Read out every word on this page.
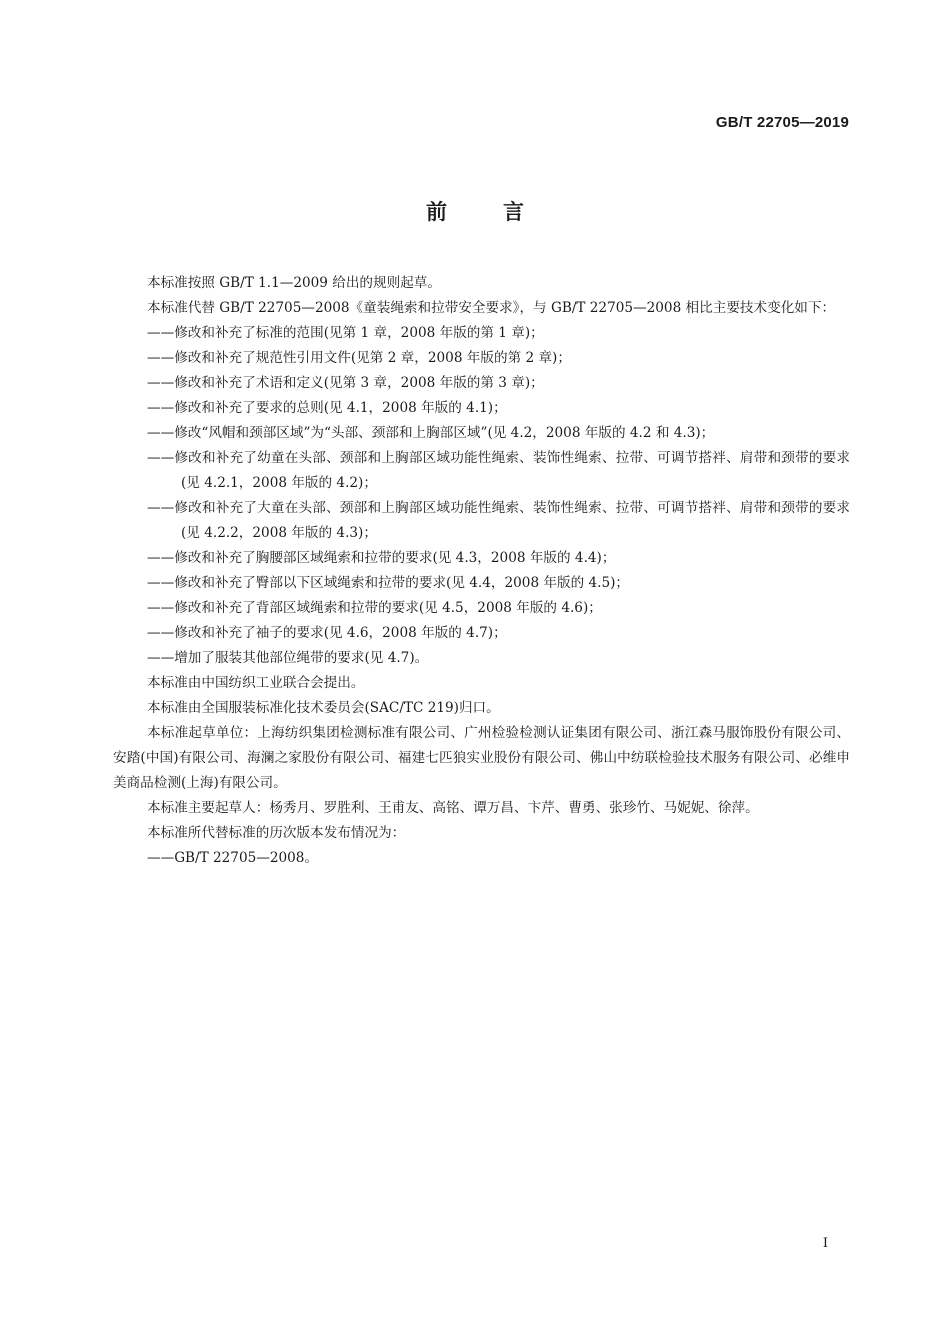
GB/T 22705—2019
前言

本标准按照 GB/T 1.1—2009 给出的规则起草。

本标准代替 GB/T 22705—2008《童装绳索和拉带安全要求》，与 GB/T 22705—2008 相比主要技术变化如下：

——修改和补充了标准的范围(见第 1 章，2008 年版的第 1 章)；

——修改和补充了规范性引用文件(见第 2 章，2008 年版的第 2 章)；

——修改和补充了术语和定义(见第 3 章，2008 年版的第 3 章)；

——修改和补充了要求的总则(见 4.1，2008 年版的 4.1)；

——修改“风帽和颈部区域”为“头部、颈部和上胸部区域”(见 4.2，2008 年版的 4.2 和 4.3)；

——修改和补充了幼童在头部、颈部和上胸部区域功能性绳索、装饰性绳索、拉带、可调节搭袢、肩带和颈带的要求(见 4.2.1，2008 年版的 4.2)；

——修改和补充了大童在头部、颈部和上胸部区域功能性绳索、装饰性绳索、拉带、可调节搭袢、肩带和颈带的要求(见 4.2.2，2008 年版的 4.3)；

——修改和补充了胸腰部区域绳索和拉带的要求(见 4.3，2008 年版的 4.4)；

——修改和补充了臀部以下区域绳索和拉带的要求(见 4.4，2008 年版的 4.5)；

——修改和补充了背部区域绳索和拉带的要求(见 4.5，2008 年版的 4.6)；

——修改和补充了袖子的要求(见 4.6，2008 年版的 4.7)；

——增加了服装其他部位绳带的要求(见 4.7)。

本标准由中国纺织工业联合会提出。

本标准由全国服装标准化技术委员会(SAC/TC 219)归口。

本标准起草单位：上海纺织集团检测标准有限公司、广州检验检测认证集团有限公司、浙江森马服饰股份有限公司、安踏(中国)有限公司、海澜之家股份有限公司、福建七匹狼实业股份有限公司、佛山中纺联检验技术服务有限公司、必维申美商品检测(上海)有限公司。

本标准主要起草人：杨秀月、罗胜利、王甫友、高铭、谭万昌、卞芹、曹勇、张珍竹、马妮妮、徐萍。

本标准所代替标准的历次版本发布情况为：

——GB/T 22705—2008。

I
